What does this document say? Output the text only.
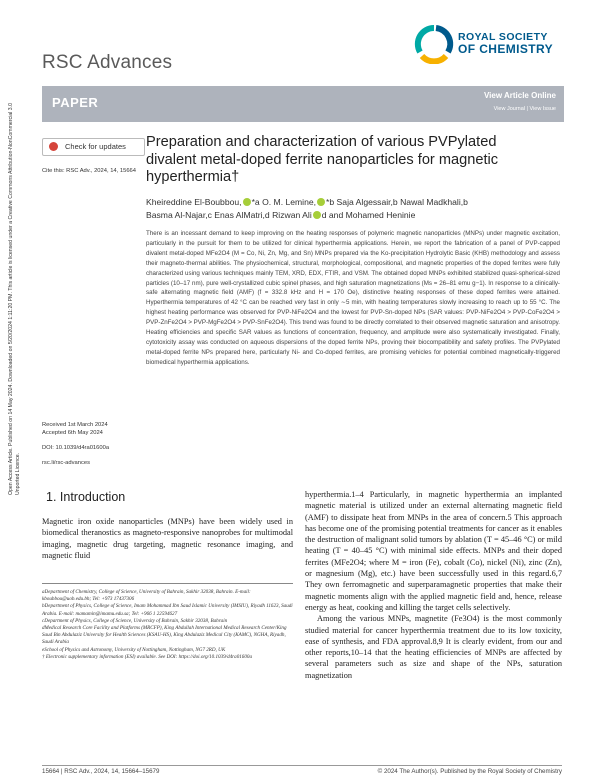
RSC Advances
ROYAL SOCIETY
OF CHEMISTRY
PAPER	View Article Online
View Journal | View Issue
Open Access Article. Published on 14 May 2024. Downloaded on 5/20/2024 1:11:20 PM. This article is licensed under a Creative Commons Attribution-NonCommercial 3.0 Unported Licence.
Check for updates
Cite this: RSC Adv., 2024, 14, 15664
Preparation and characterization of various PVPylated divalent metal-doped ferrite nanoparticles for magnetic hyperthermia†
Kheireddine El-Boubbou, *a O. M. Lemine, *b Saja Algessair,b Nawal Madkhali,b
Basma Al-Najar,c Enas AlMatri,d Rizwan Ali d and Mohamed Heninie
There is an incessant demand to keep improving on the heating responses of polymeric magnetic nanoparticles (MNPs) under magnetic excitation, particularly in the pursuit for them to be utilized for clinical hyperthermia applications. Herein, we report the fabrication of a panel of PVP-capped divalent metal-doped MFe2O4 (M = Co, Ni, Zn, Mg, and Sn) MNPs prepared via the Ko-precipitation Hydrolytic Basic (KHB) methodology and assess their magneto-thermal abilities. The physiochemical, structural, morphological, compositional, and magnetic properties of the doped ferrites were fully characterized using various techniques mainly TEM, XRD, EDX, FTIR, and VSM. The obtained doped MNPs exhibited stabilized quasi-spherical-sized particles (10–17 nm), pure well-crystallized cubic spinel phases, and high saturation magnetizations (Ms = 26–81 emu g−1). In response to a clinically-safe alternating magnetic field (AMF) (f = 332.8 kHz and H = 170 Oe), distinctive heating responses of these doped ferrites were attained. Hyperthermia temperatures of 42 °C can be reached very fast in only ∼5 min, with heating temperatures slowly increasing to reach up to 55 °C. The highest heating performance was observed for PVP-NiFe2O4 and the lowest for PVP-Sn-doped NPs (SAR values: PVP-NiFe2O4 > PVP-CoFe2O4 > PVP-ZnFe2O4 > PVP-MgFe2O4 > PVP-SnFe2O4). This trend was found to be directly correlated to their observed magnetic saturation and anisotropy. Heating efficiencies and specific SAR values as functions of concentration, frequency, and amplitude were also systematically investigated. Finally, cytotoxicity assay was conducted on aqueous dispersions of the doped ferrite NPs, proving their biocompatibility and safety profiles. The PVPylated metal-doped ferrite NPs prepared here, particularly Ni- and Co-doped ferrites, are promising vehicles for potential combined magnetically-triggered biomedical hyperthermia applications.
Received 1st March 2024
Accepted 6th May 2024
DOI: 10.1039/d4ra01600a
rsc.li/rsc-advances
1. Introduction
Magnetic iron oxide nanoparticles (MNPs) have been widely used in biomedical theranostics as magneto-responsive nanoprobes for multimodal imaging, magnetic drug targeting, magnetic resonance imaging, and magnetic fluid
aDepartment of Chemistry, College of Science, University of Bahrain, Sakhir 32038, Bahrain. E-mail: kboubbou@uob.edu.bh; Tel: +973 17437306
bDepartment of Physics, College of Science, Imam Mohammad Ibn Saud Islamic University (IMSIU), Riyadh 11623, Saudi Arabia. E-mail: mamamin@imamu.edu.sa; Tel: +966 1 22594627
cDepartment of Physics, College of Science, University of Bahrain, Sakhir 32038, Bahrain
dMedical Research Core Facility and Platforms (MRCFP), King Abdullah International Medical Research Center/King Saud Bin Abdulaziz University for Health Sciences (KSAU-HS), King Abdulaziz Medical City (KAMC), NGHA, Riyadh, Saudi Arabia
eSchool of Physics and Astronomy, University of Nottingham, Nottingham, NG7 2RD, UK
† Electronic supplementary information (ESI) available. See DOI: https://doi.org/10.1039/d4ra01600a
hyperthermia.1–4 Particularly, in magnetic hyperthermia an implanted magnetic material is utilized under an external alternating magnetic field (AMF) to dissipate heat from MNPs in the area of concern.5 This approach has become one of the promising potential treatments for cancer as it enables the destruction of malignant solid tumors by ablation (T = 45–46 °C) or mild heating (T = 40–45 °C) with minimal side effects. MNPs and their doped ferrites (MFe2O4; where M = iron (Fe), cobalt (Co), nickel (Ni), zinc (Zn), or magnesium (Mg), etc.) have been successfully used in this regard.6,7 They own ferromagnetic and superparamagnetic properties that make their magnetic moments align with the applied magnetic field and, hence, release energy as heat, cooking and killing the target cells selectively.
Among the various MNPs, magnetite (Fe3O4) is the most commonly studied material for cancer hyperthermia treatment due to its low toxicity, ease of synthesis, and FDA approval.8,9 It is clearly evident, from our and other reports,10–14 that the heating efficiencies of MNPs are affected by several parameters such as size and shape of the NPs, saturation magnetization
15664 | RSC Adv., 2024, 14, 15664–15679	© 2024 The Author(s). Published by the Royal Society of Chemistry
